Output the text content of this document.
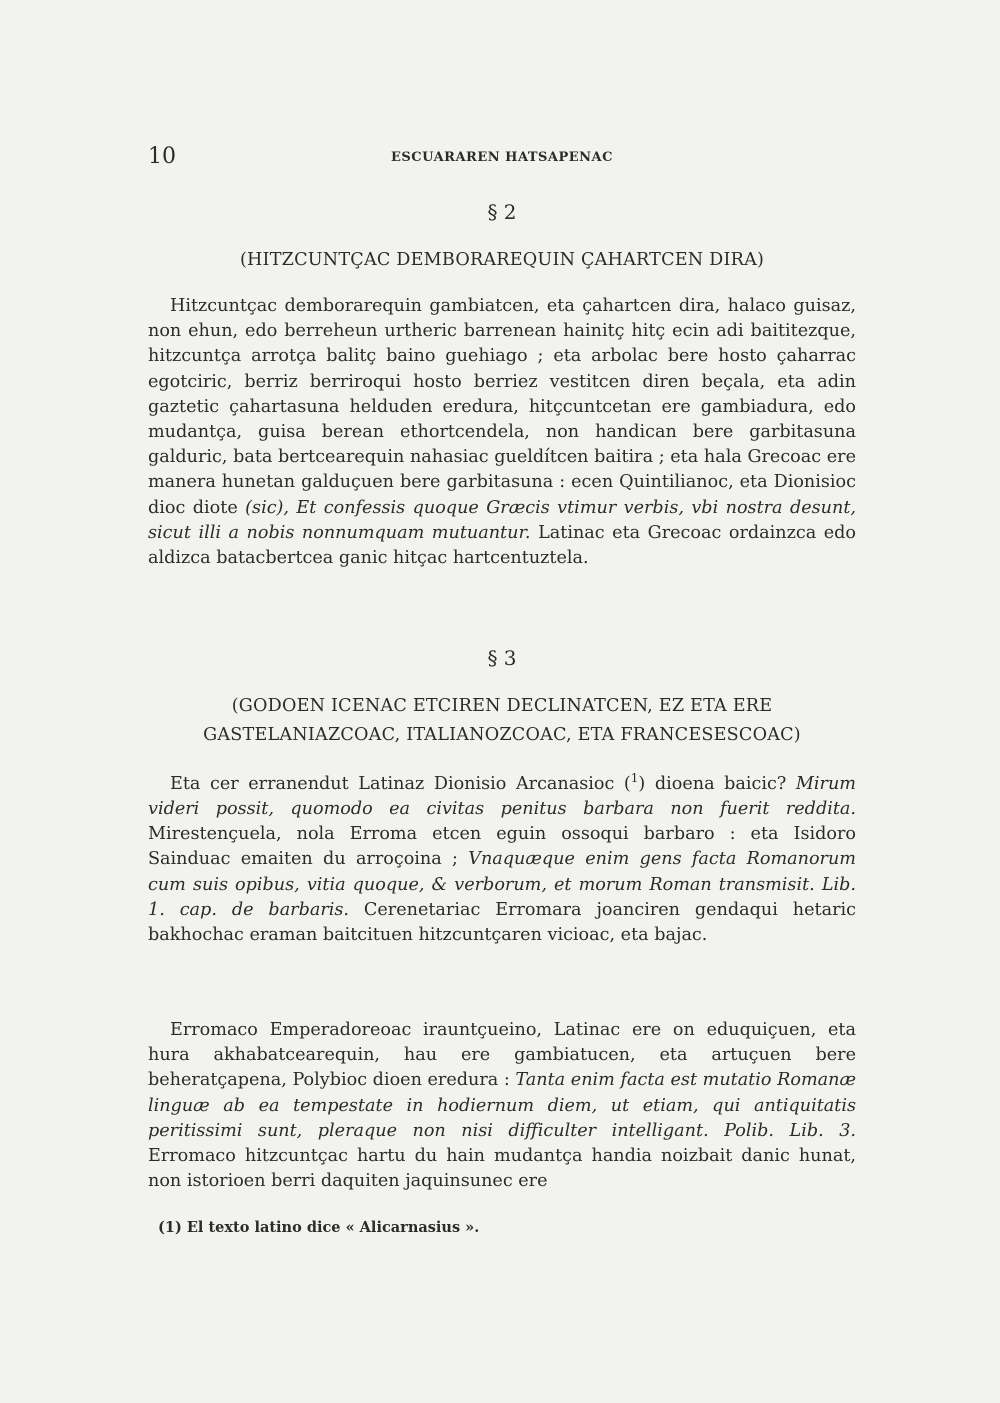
10	ESCUARAREN HATSAPENAC
§ 2
(HITZCUNTÇAC DEMBORAREQUIN ÇAHARTCEN DIRA)

Hitzcuntçac demborarequin gambiatcen, eta çahartcen dira, halaco guisaz, non ehun, edo berreheun urtheric barrenean hainitç hitç ecin adi baititezque, hitzcuntça arrotça balitç baino guehiago ; eta arbolac bere hosto çaharrac egotciric, berriz berriroqui hosto berriez vestitcen diren beçala, eta adin gaztetic çahartasuna helduden eredura, hitçcuntcetan ere gambiadura, edo mudantça, guisa berean ethortcendela, non handican bere garbitasuna galduric, bata bertcearequin nahasiac gueldítcen baitira ; eta hala Grecoac ere manera hunetan galduçuen bere garbitasuna : ecen Quintilianoc, eta Dionisioc dioc diote (sic), Et confessis quoque Græcis vtimur verbis, vbi nostra desunt, sicut illi a nobis nonnumquam mutuantur. Latinac eta Grecoac ordainzca edo aldizca batacbertcea ganic hitçac hartcentuztela.

§ 3
(GODOEN ICENAC ETCIREN DECLINATCEN, EZ ETA ERE
GASTELANIAZCOAC, ITALIANOZCOAC, ETA FRANCESESCOAC)

Eta cer erranendut Latinaz Dionisio Arcanasioc ($^1$) dioena baicic? Mirum videri possit, quomodo ea civitas penitus barbara non fuerit reddita. Mirestençuela, nola Erroma etcen eguin ossoqui barbaro : eta Isidoro Sainduac emaiten du arroçoina ; Vnaquæque enim gens facta Romanorum cum suis opibus, vitia quoque, & verborum, et morum Roman transmisit. Lib. 1. cap. de barbaris. Cerenetariac Erromara joanciren gendaqui hetaric bakhochac eraman baitcituen hitzcuntçaren vicioac, eta bajac.

Erromaco Emperadoreoac irauntçueino, Latinac ere on eduquiçuen, eta hura akhabatcearequin, hau ere gambiatucen, eta artuçuen bere beheratçapena, Polybioc dioen eredura : Tanta enim facta est mutatio Romanæ linguæ ab ea tempestate in hodiernum diem, ut etiam, qui antiquitatis peritissimi sunt, pleraque non nisi difficulter intelligant. Polib. Lib. 3. Erromaco hitzcuntçac hartu du hain mudantça handia noizbait danic hunat, non istorioen berri daquiten jaquinsunec ere

(1) El texto latino dice « Alicarnasius ».
